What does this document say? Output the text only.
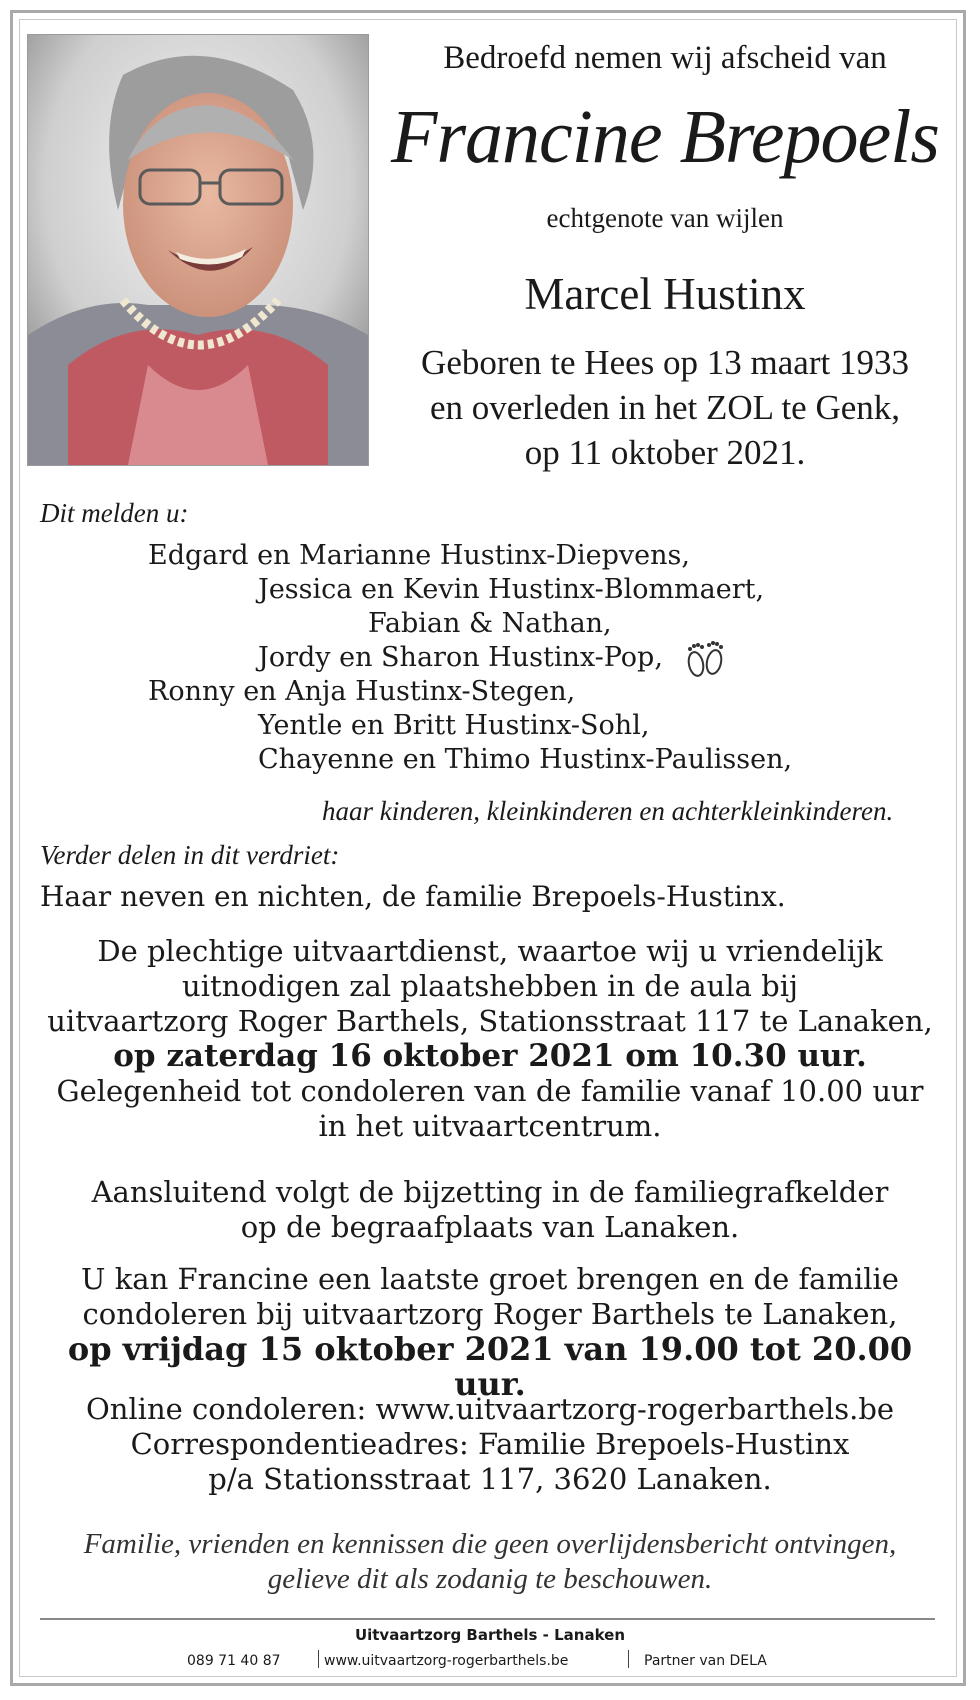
Bedroefd nemen wij afscheid van
Francine Brepoels
echtgenote van wijlen
Marcel Hustinx
Geboren te Hees op 13 maart 1933
en overleden in het ZOL te Genk,
op 11 oktober 2021.
Dit melden u:
Edgard en Marianne Hustinx-Diepvens,
Jessica en Kevin Hustinx-Blommaert,
Fabian & Nathan,
Jordy en Sharon Hustinx-Pop,
Ronny en Anja Hustinx-Stegen,
Yentle en Britt Hustinx-Sohl,
Chayenne en Thimo Hustinx-Paulissen,
haar kinderen, kleinkinderen en achterkleinkinderen.
Verder delen in dit verdriet:
Haar neven en nichten, de familie Brepoels-Hustinx.
De plechtige uitvaartdienst, waartoe wij u vriendelijk
uitnodigen zal plaatshebben in de aula bij
uitvaartzorg Roger Barthels, Stationsstraat 117 te Lanaken,
op zaterdag 16 oktober 2021 om 10.30 uur.
Gelegenheid tot condoleren van de familie vanaf 10.00 uur
in het uitvaartcentrum.
Aansluitend volgt de bijzetting in de familiegrafkelder
op de begraafplaats van Lanaken.
U kan Francine een laatste groet brengen en de familie
condoleren bij uitvaartzorg Roger Barthels te Lanaken,
op vrijdag 15 oktober 2021 van 19.00 tot 20.00 uur.
Online condoleren: www.uitvaartzorg-rogerbarthels.be
Correspondentieadres: Familie Brepoels-Hustinx
p/a Stationsstraat 117, 3620 Lanaken.
Familie, vrienden en kennissen die geen overlijdensbericht ontvingen,
gelieve dit als zodanig te beschouwen.
Uitvaartzorg Barthels - Lanaken
089 71 40 87	www.uitvaartzorg-rogerbarthels.be	Partner van DELA
